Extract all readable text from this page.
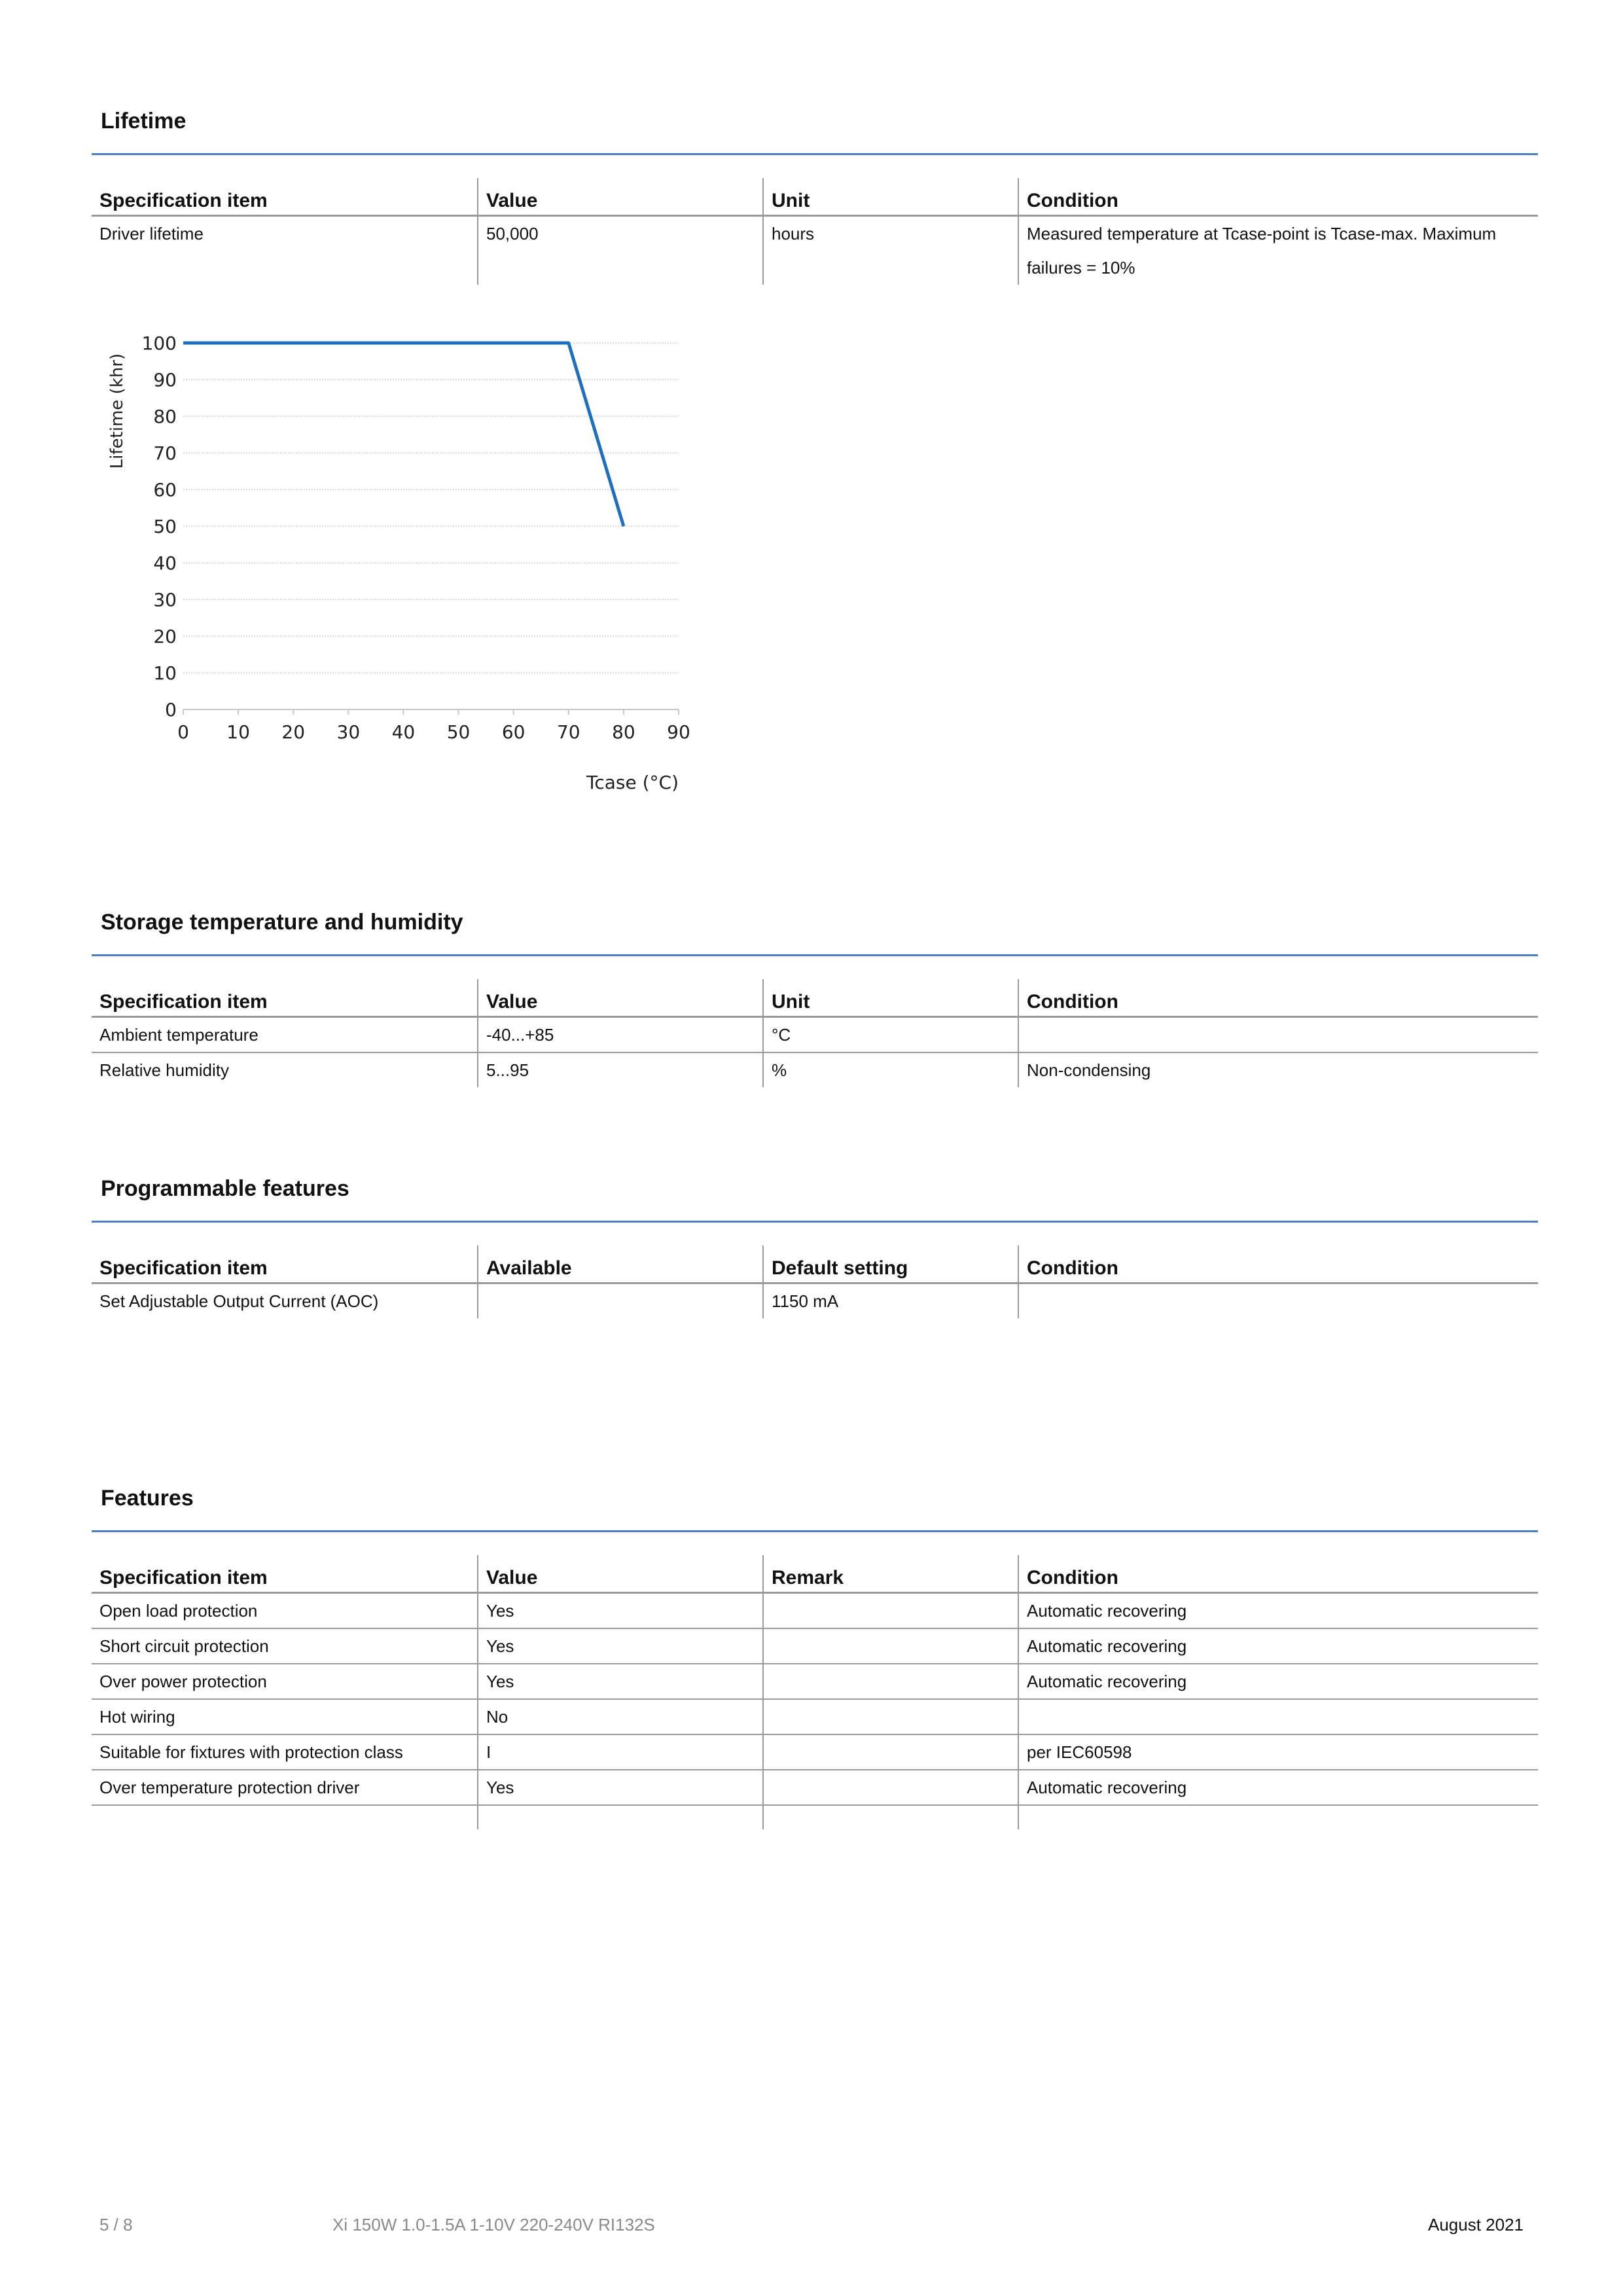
Lifetime
Specification item	Value	Unit	Condition
Driver lifetime	50,000	hours	Measured temperature at Tcase-point is Tcase-max. Maximum failures = 10%
0
10
20
30
40
50
60
70
80
90
100
0 10 20 30 40 50 60 70 80 90
Tcase (°C)
Lifetime (khr)
Storage temperature and humidity
Specification item	Value	Unit	Condition
Ambient temperature	-40...+85	°C	
Relative humidity	5...95	%	Non-condensing
Programmable features
Specification item	Available	Default setting	Condition
Set Adjustable Output Current (AOC)		1150 mA	
Features
Specification item	Value	Remark	Condition
Open load protection	Yes		Automatic recovering
Short circuit protection	Yes		Automatic recovering
Over power protection	Yes		Automatic recovering
Hot wiring	No		
Suitable for fixtures with protection class	I		per IEC60598
Over temperature protection driver	Yes		Automatic recovering

5 / 8	Xi 150W 1.0-1.5A 1-10V 220-240V RI132S	August 2021
